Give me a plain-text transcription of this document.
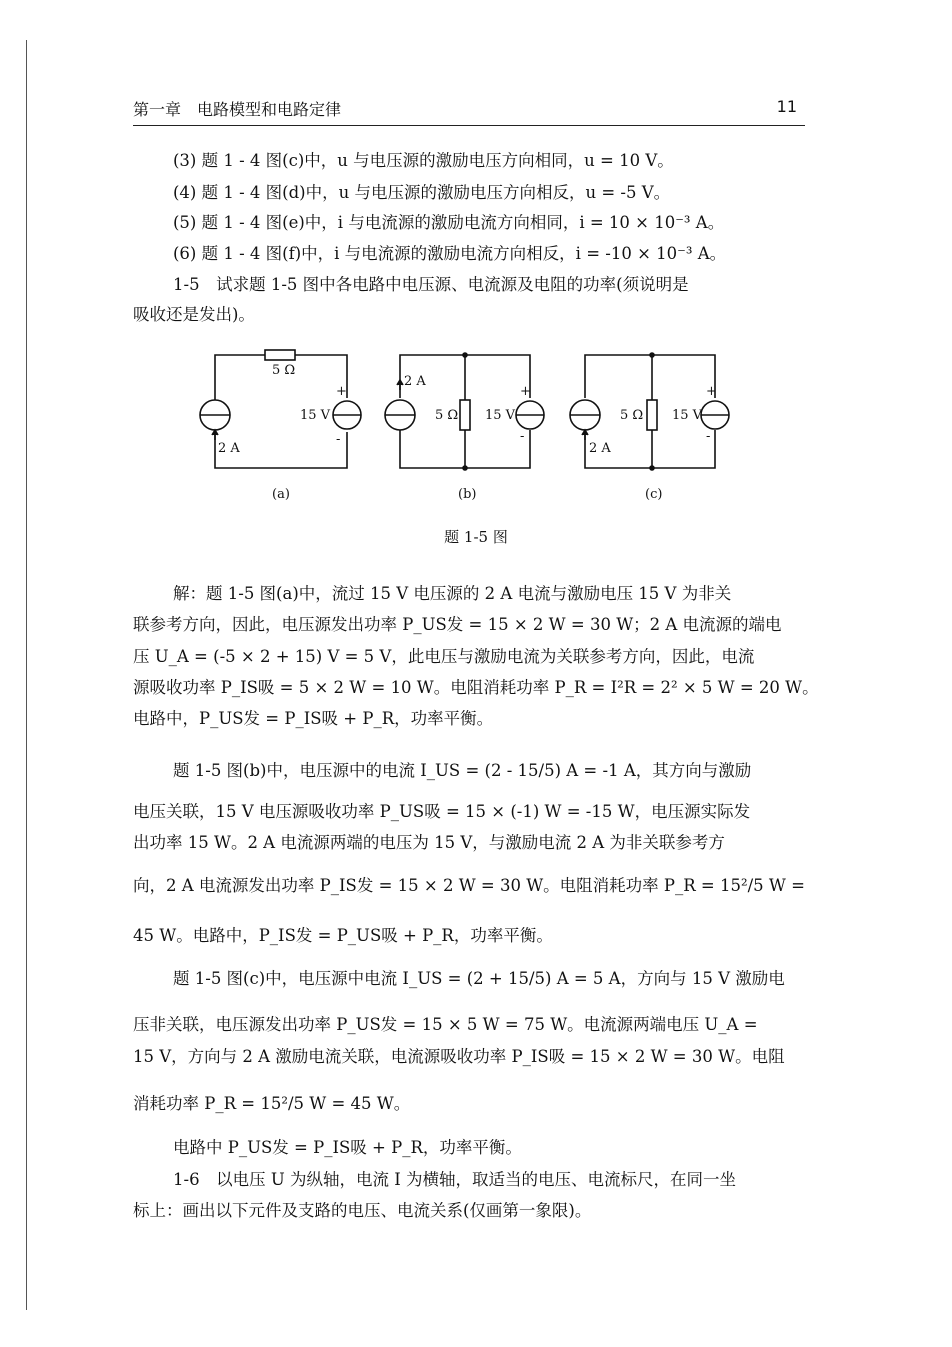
第一章　电路模型和电路定律	11
(3) 题 1 - 4 图(c)中，u 与电压源的激励电压方向相同，u = 10 V。
(4) 题 1 - 4 图(d)中，u 与电压源的激励电压方向相反，u = -5 V。
(5) 题 1 - 4 图(e)中，i 与电流源的激励电流方向相同，i = 10 × 10⁻³ A。
(6) 题 1 - 4 图(f)中，i 与电流源的激励电流方向相反，i = -10 × 10⁻³ A。
1-5　试求题 1-5 图中各电路中电压源、电流源及电阻的功率(须说明是
吸收还是发出)。
5 Ω
15 V
+
-
2 A
(a)
2 A
5 Ω 15 V
+
-
(b)
2 A
5 Ω 15 V
+
-
(c)
题 1-5 图
解：题 1-5 图(a)中，流过 15 V 电压源的 2 A 电流与激励电压 15 V 为非关
联参考方向，因此，电压源发出功率 P_US发 = 15 × 2 W = 30 W；2 A 电流源的端电
压 U_A = (-5 × 2 + 15) V = 5 V，此电压与激励电流为关联参考方向，因此，电流
源吸收功率 P_IS吸 = 5 × 2 W = 10 W。电阻消耗功率 P_R = I²R = 2² × 5 W = 20 W。
电路中，P_US发 = P_IS吸 + P_R，功率平衡。
题 1-5 图(b)中，电压源中的电流 I_US = (2 - 15/5) A = -1 A，其方向与激励
电压关联，15 V 电压源吸收功率 P_US吸 = 15 × (-1) W = -15 W，电压源实际发
出功率 15 W。2 A 电流源两端的电压为 15 V，与激励电流 2 A 为非关联参考方
向，2 A 电流源发出功率 P_IS发 = 15 × 2 W = 30 W。电阻消耗功率 P_R = 15²/5 W =
45 W。电路中，P_IS发 = P_US吸 + P_R，功率平衡。
题 1-5 图(c)中，电压源中电流 I_US = (2 + 15/5) A = 5 A，方向与 15 V 激励电
压非关联，电压源发出功率 P_US发 = 15 × 5 W = 75 W。电流源两端电压 U_A =
15 V，方向与 2 A 激励电流关联，电流源吸收功率 P_IS吸 = 15 × 2 W = 30 W。电阻
消耗功率 P_R = 15²/5 W = 45 W。
电路中 P_US发 = P_IS吸 + P_R，功率平衡。
1-6　以电压 U 为纵轴，电流 I 为横轴，取适当的电压、电流标尺，在同一坐
标上：画出以下元件及支路的电压、电流关系(仅画第一象限)。
